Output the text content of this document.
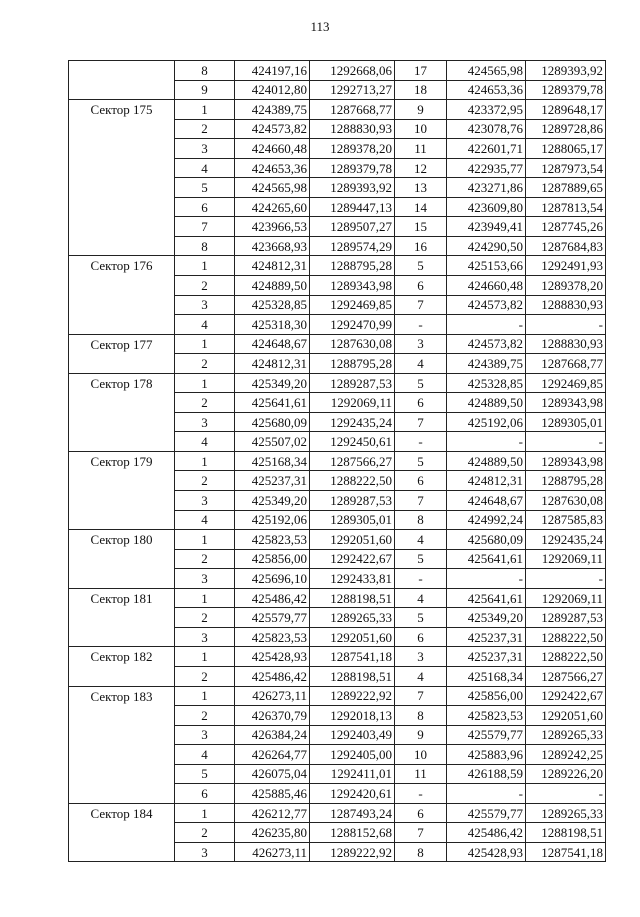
113
	8	424197,16	1292668,06	17	424565,98	1289393,92
	9	424012,80	1292713,27	18	424653,36	1289379,78

Сектор 175	1	424389,75	1287668,77	9	423372,95	1289648,17
	2	424573,82	1288830,93	10	423078,76	1289728,86
	3	424660,48	1289378,20	11	422601,71	1288065,17
	4	424653,36	1289379,78	12	422935,77	1287973,54
	5	424565,98	1289393,92	13	423271,86	1287889,65
	6	424265,60	1289447,13	14	423609,80	1287813,54
	7	423966,53	1289507,27	15	423949,41	1287745,26
	8	423668,93	1289574,29	16	424290,50	1287684,83

Сектор 176	1	424812,31	1288795,28	5	425153,66	1292491,93
	2	424889,50	1289343,98	6	424660,48	1289378,20
	3	425328,85	1292469,85	7	424573,82	1288830,93
	4	425318,30	1292470,99	-	-	-

Сектор 177	1	424648,67	1287630,08	3	424573,82	1288830,93
	2	424812,31	1288795,28	4	424389,75	1287668,77

Сектор 178	1	425349,20	1289287,53	5	425328,85	1292469,85
	2	425641,61	1292069,11	6	424889,50	1289343,98
	3	425680,09	1292435,24	7	425192,06	1289305,01
	4	425507,02	1292450,61	-	-	-

Сектор 179	1	425168,34	1287566,27	5	424889,50	1289343,98
	2	425237,31	1288222,50	6	424812,31	1288795,28
	3	425349,20	1289287,53	7	424648,67	1287630,08
	4	425192,06	1289305,01	8	424992,24	1287585,83

Сектор 180	1	425823,53	1292051,60	4	425680,09	1292435,24
	2	425856,00	1292422,67	5	425641,61	1292069,11
	3	425696,10	1292433,81	-	-	-

Сектор 181	1	425486,42	1288198,51	4	425641,61	1292069,11
	2	425579,77	1289265,33	5	425349,20	1289287,53
	3	425823,53	1292051,60	6	425237,31	1288222,50

Сектор 182	1	425428,93	1287541,18	3	425237,31	1288222,50
	2	425486,42	1288198,51	4	425168,34	1287566,27

Сектор 183	1	426273,11	1289222,92	7	425856,00	1292422,67
	2	426370,79	1292018,13	8	425823,53	1292051,60
	3	426384,24	1292403,49	9	425579,77	1289265,33
	4	426264,77	1292405,00	10	425883,96	1289242,25
	5	426075,04	1292411,01	11	426188,59	1289226,20
	6	425885,46	1292420,61	-	-	-

Сектор 184	1	426212,77	1287493,24	6	425579,77	1289265,33
	2	426235,80	1288152,68	7	425486,42	1288198,51
	3	426273,11	1289222,92	8	425428,93	1287541,18
